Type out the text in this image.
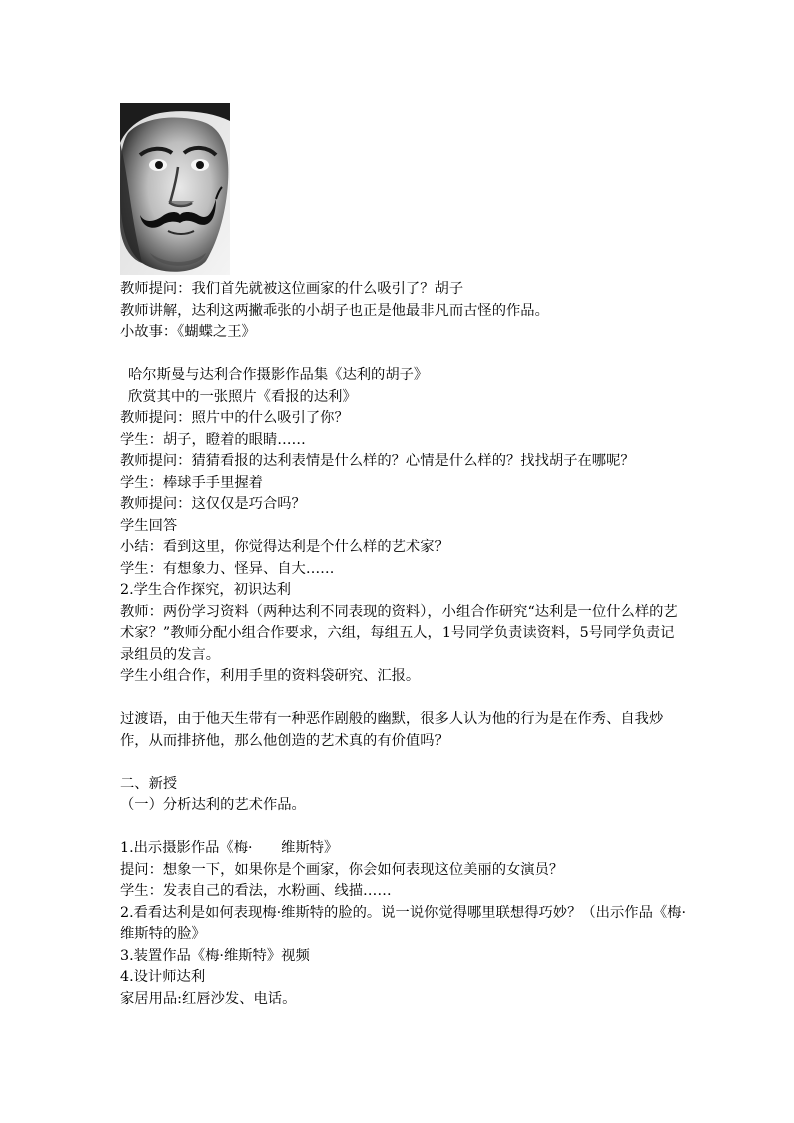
教师提问：我们首先就被这位画家的什么吸引了？胡子

教师讲解，达利这两撇乖张的小胡子也正是他最非凡而古怪的作品。

小故事：《蝴蝶之王》

哈尔斯曼与达利合作摄影作品集《达利的胡子》

欣赏其中的一张照片《看报的达利》

教师提问：照片中的什么吸引了你？

学生：胡子，瞪着的眼睛……

教师提问：猜猜看报的达利表情是什么样的？心情是什么样的？找找胡子在哪呢？

学生：棒球手手里握着

教师提问：这仅仅是巧合吗？

学生回答

小结：看到这里，你觉得达利是个什么样的艺术家？

学生：有想象力、怪异、自大……

2.学生合作探究，初识达利

教师：两份学习资料（两种达利不同表现的资料），小组合作研究“达利是一位什么样的艺术家？”教师分配小组合作要求，六组，每组五人，1号同学负责读资料，5号同学负责记录组员的发言。

学生小组合作，利用手里的资料袋研究、汇报。

过渡语，由于他天生带有一种恶作剧般的幽默，很多人认为他的行为是在作秀、自我炒作，从而排挤他，那么他创造的艺术真的有价值吗？

二、新授

（一）分析达利的艺术作品。

1.出示摄影作品《梅·　　维斯特》

提问：想象一下，如果你是个画家，你会如何表现这位美丽的女演员？

学生：发表自己的看法，水粉画、线描……

2.看看达利是如何表现梅·维斯特的脸的。说一说你觉得哪里联想得巧妙？（出示作品《梅·维斯特的脸》

3.装置作品《梅·维斯特》视频

4.设计师达利

家居用品:红唇沙发、电话。
